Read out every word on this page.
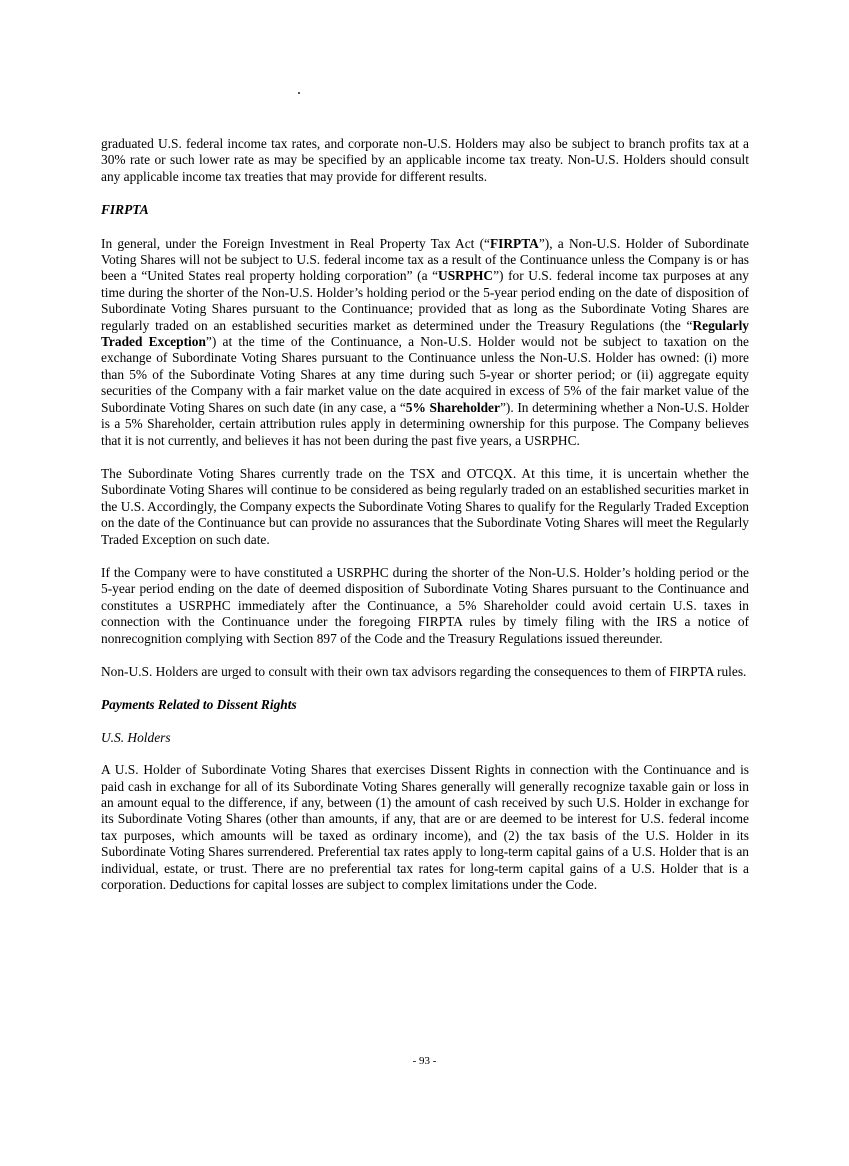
graduated U.S. federal income tax rates, and corporate non-U.S. Holders may also be subject to branch profits tax at a 30% rate or such lower rate as may be specified by an applicable income tax treaty. Non-U.S. Holders should consult any applicable income tax treaties that may provide for different results.

FIRPTA

In general, under the Foreign Investment in Real Property Tax Act (“FIRPTA”), a Non-U.S. Holder of Subordinate Voting Shares will not be subject to U.S. federal income tax as a result of the Continuance unless the Company is or has been a “United States real property holding corporation” (a “USRPHC”) for U.S. federal income tax purposes at any time during the shorter of the Non-U.S. Holder’s holding period or the 5-year period ending on the date of disposition of Subordinate Voting Shares pursuant to the Continuance; provided that as long as the Subordinate Voting Shares are regularly traded on an established securities market as determined under the Treasury Regulations (the “Regularly Traded Exception”) at the time of the Continuance, a Non-U.S. Holder would not be subject to taxation on the exchange of Subordinate Voting Shares pursuant to the Continuance unless the Non-U.S. Holder has owned: (i) more than 5% of the Subordinate Voting Shares at any time during such 5-year or shorter period; or (ii) aggregate equity securities of the Company with a fair market value on the date acquired in excess of 5% of the fair market value of the Subordinate Voting Shares on such date (in any case, a “5% Shareholder”). In determining whether a Non-U.S. Holder is a 5% Shareholder, certain attribution rules apply in determining ownership for this purpose. The Company believes that it is not currently, and believes it has not been during the past five years, a USRPHC.

The Subordinate Voting Shares currently trade on the TSX and OTCQX. At this time, it is uncertain whether the Subordinate Voting Shares will continue to be considered as being regularly traded on an established securities market in the U.S. Accordingly, the Company expects the Subordinate Voting Shares to qualify for the Regularly Traded Exception on the date of the Continuance but can provide no assurances that the Subordinate Voting Shares will meet the Regularly Traded Exception on such date.

If the Company were to have constituted a USRPHC during the shorter of the Non-U.S. Holder’s holding period or the 5-year period ending on the date of deemed disposition of Subordinate Voting Shares pursuant to the Continuance and constitutes a USRPHC immediately after the Continuance, a 5% Shareholder could avoid certain U.S. taxes in connection with the Continuance under the foregoing FIRPTA rules by timely filing with the IRS a notice of nonrecognition complying with Section 897 of the Code and the Treasury Regulations issued thereunder.

Non-U.S. Holders are urged to consult with their own tax advisors regarding the consequences to them of FIRPTA rules.

Payments Related to Dissent Rights
U.S. Holders

A U.S. Holder of Subordinate Voting Shares that exercises Dissent Rights in connection with the Continuance and is paid cash in exchange for all of its Subordinate Voting Shares generally will generally recognize taxable gain or loss in an amount equal to the difference, if any, between (1) the amount of cash received by such U.S. Holder in exchange for its Subordinate Voting Shares (other than amounts, if any, that are or are deemed to be interest for U.S. federal income tax purposes, which amounts will be taxed as ordinary income), and (2) the tax basis of the U.S. Holder in its Subordinate Voting Shares surrendered. Preferential tax rates apply to long-term capital gains of a U.S. Holder that is an individual, estate, or trust. There are no preferential tax rates for long-term capital gains of a U.S. Holder that is a corporation. Deductions for capital losses are subject to complex limitations under the Code.

- 93 -
